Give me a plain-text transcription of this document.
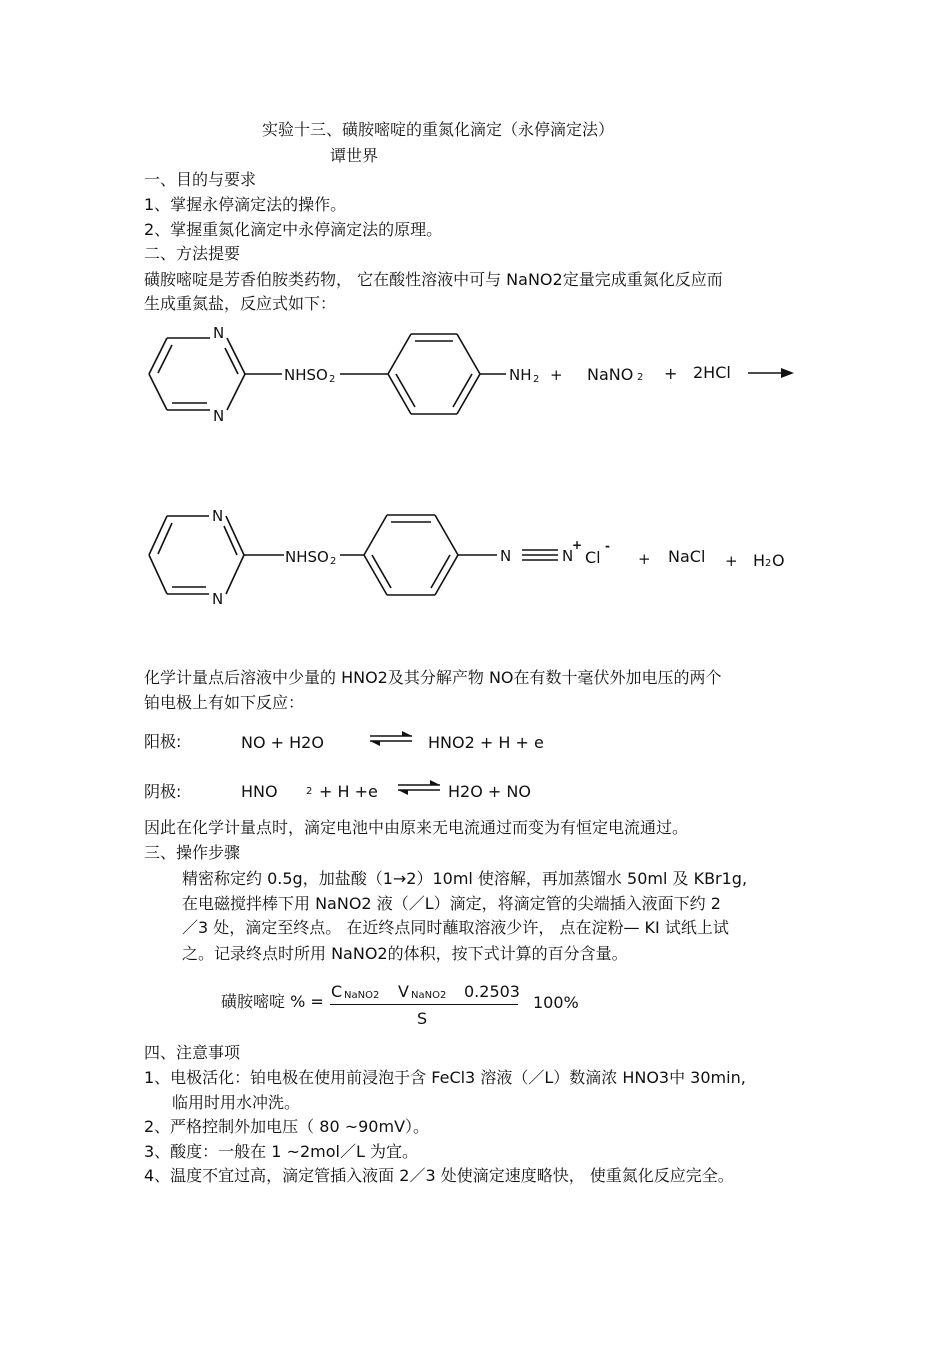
实验十三、磺胺嘧啶的重氮化滴定（永停滴定法）
谭世界
一、目的与要求
1、掌握永停滴定法的操作。
2、掌握重氮化滴定中永停滴定法的原理。
二、方法提要
磺胺嘧啶是芳香伯胺类药物， 它在酸性溶液中可与 NaNO2定量完成重氮化反应而
生成重氮盐，反应式如下：
N
N
NHSO 2	NH 2 + NaNO 2 + 2HCl
N
N
NHSO 2	N	N
+
Cl
-
+ NaCl + H 2 O
化学计量点后溶液中少量的 HNO2及其分解产物 NO在有数十毫伏外加电压的两个
铂电极上有如下反应：
阳极:	NO + H2O	HNO2 + H + e
阴极:	HNO	2 + H +e	H2O + NO
因此在化学计量点时，滴定电池中由原来无电流通过而变为有恒定电流通过。
三、操作步骤
精密称定约 0.5g，加盐酸（1→2）10ml 使溶解，再加蒸馏水 50ml 及 KBr1g,
在电磁搅拌棒下用 NaNO2 液（／L）滴定，将滴定管的尖端插入液面下约 2
／3 处，滴定至终点。 在近终点同时蘸取溶液少许， 点在淀粉— KI 试纸上试
之。记录终点时所用 NaNO2的体积，按下式计算的百分含量。
磺胺嘧啶 % =
C NaNO2 V NaNO2 0.2503
S
100%
四、注意事项
1、电极活化：铂电极在使用前浸泡于含 FeCl3 溶液（／L）数滴浓 HNO3中 30min,
临用时用水冲洗。
2、严格控制外加电压（ 80 ~90mV）。
3、酸度：一般在 1 ~2mol／L 为宜。
4、温度不宜过高，滴定管插入液面 2／3 处使滴定速度略快， 使重氮化反应完全。
